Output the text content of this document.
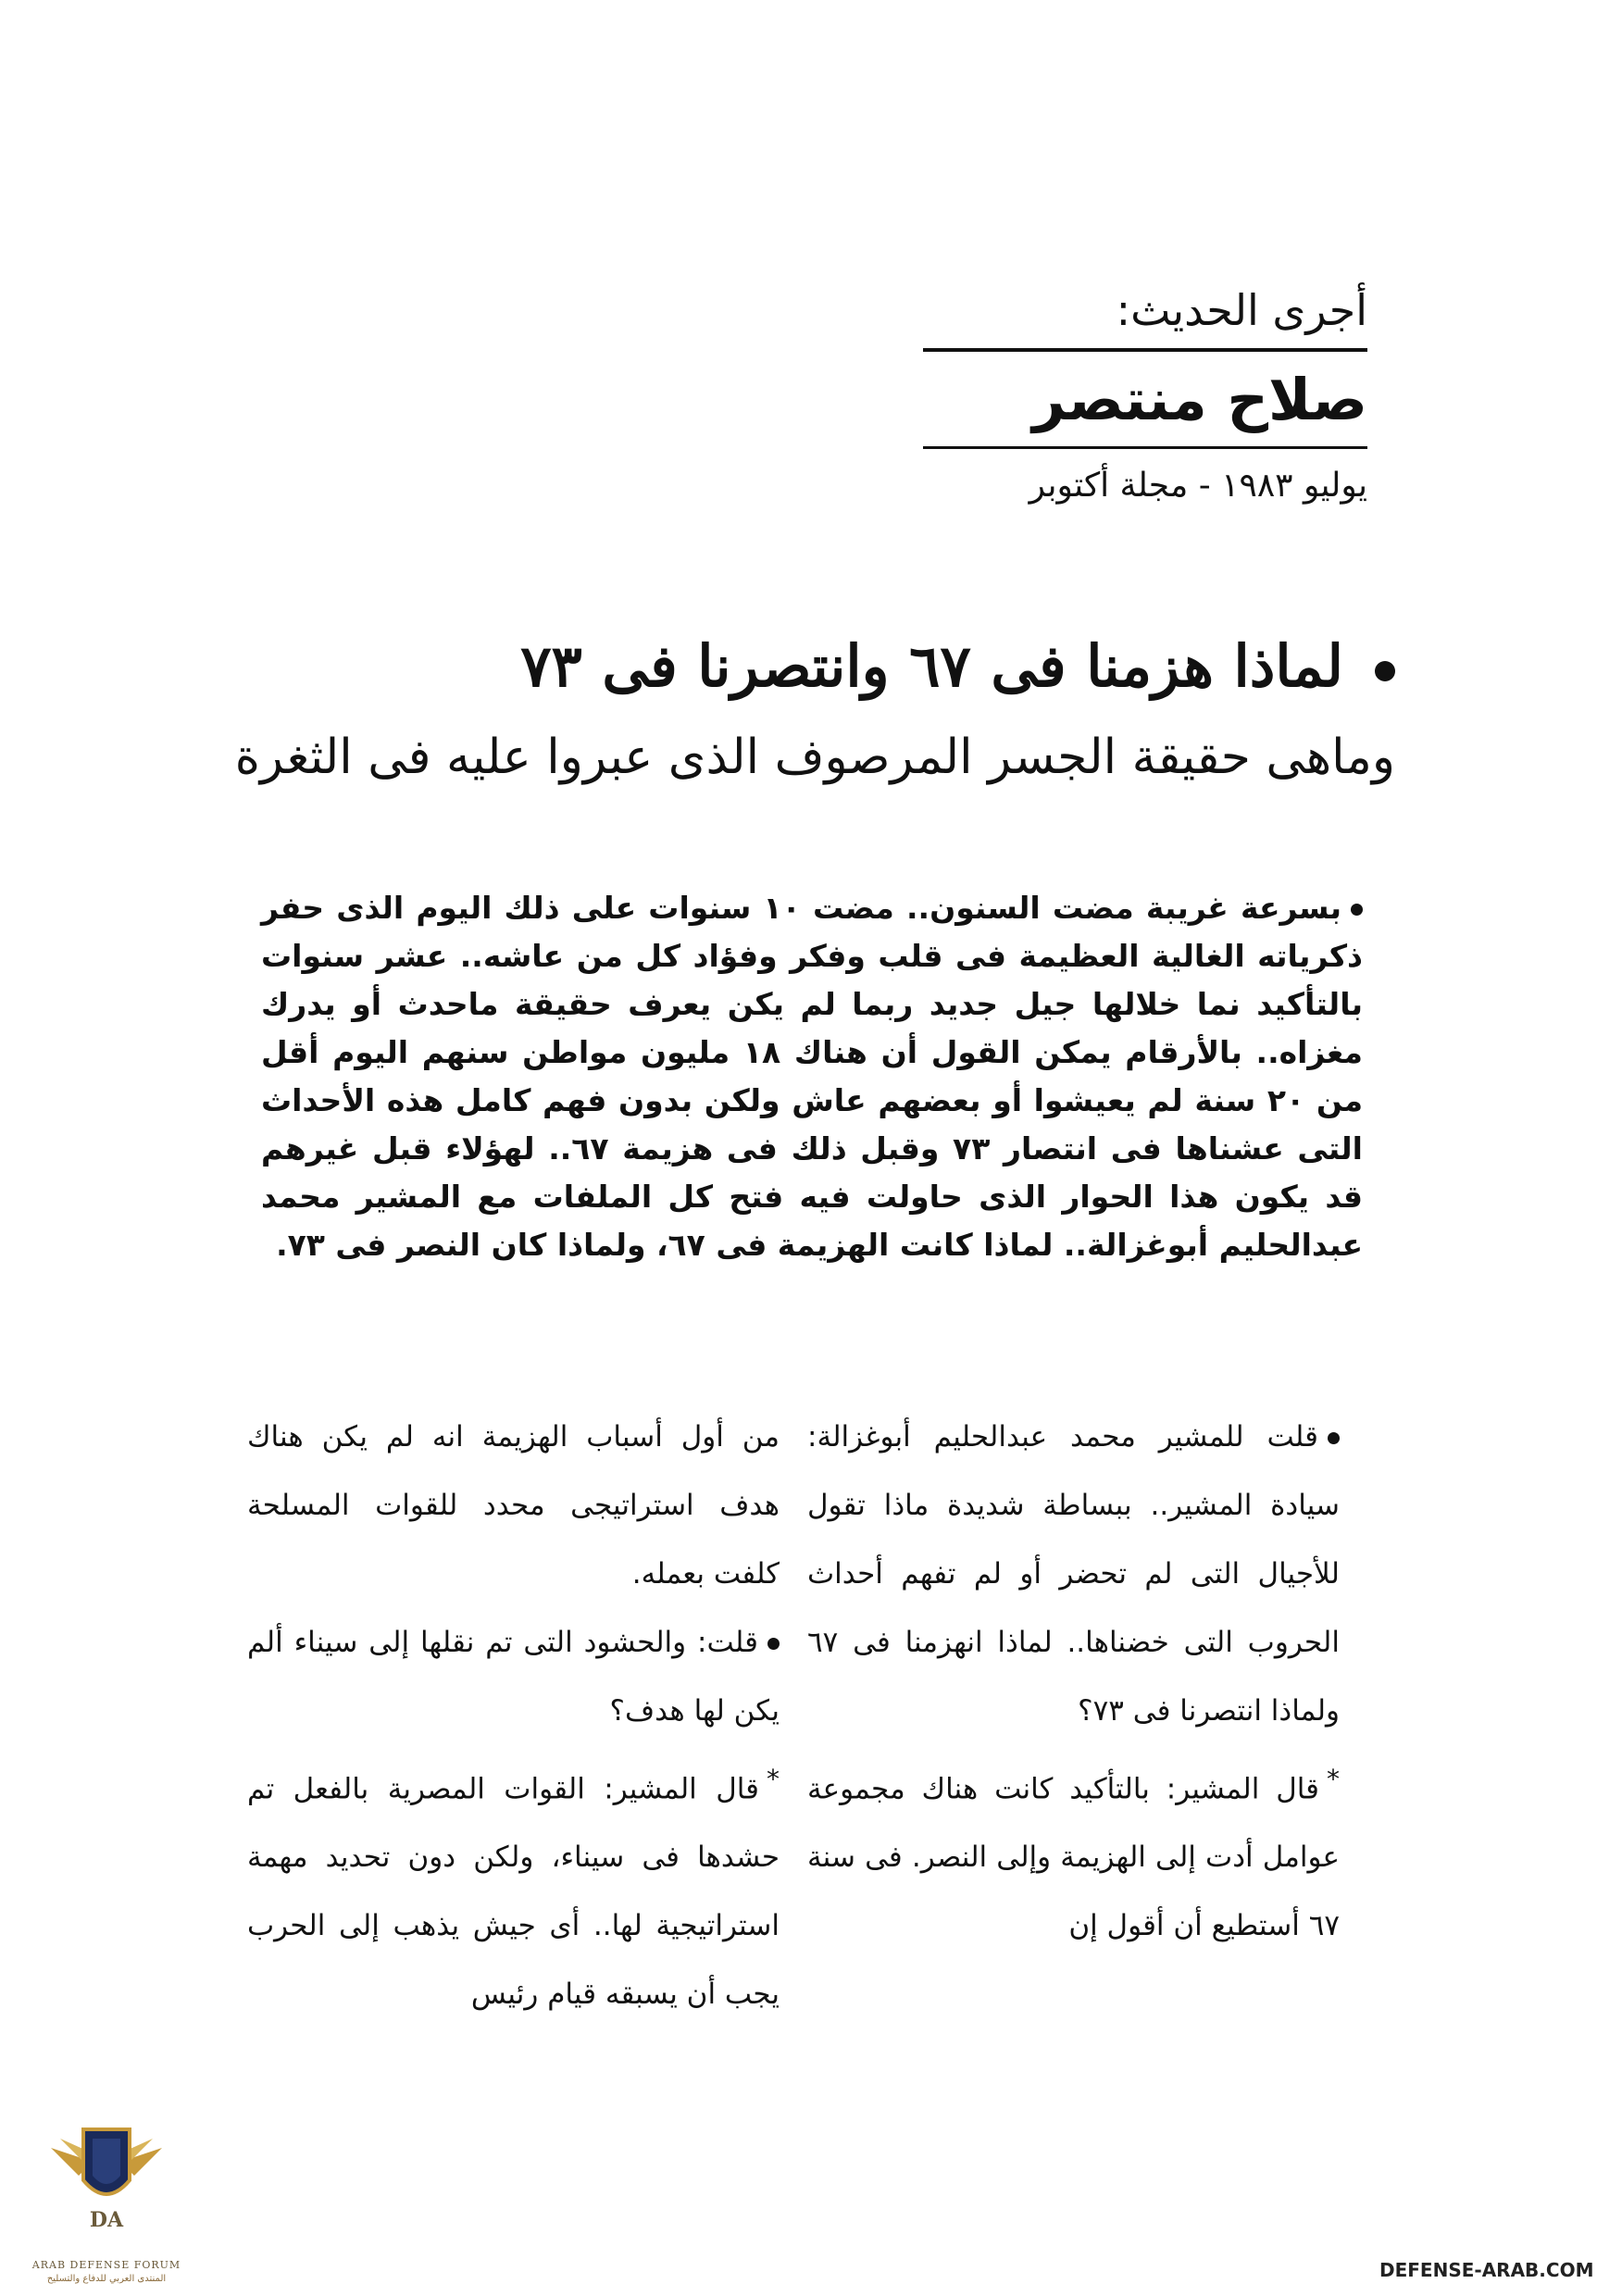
أجرى الحديث:
صلاح منتصر
يوليو ١٩٨٣ - مجلة أكتوبر
لماذا هزمنا فى ٦٧ وانتصرنا فى ٧٣
وماهى حقيقة الجسر المرصوف الذى عبروا عليه فى الثغرة
بسرعة غريبة مضت السنون.. مضت ١٠ سنوات على ذلك اليوم الذى حفر ذكرياته الغالية العظيمة فى قلب وفكر وفؤاد كل من عاشه.. عشر سنوات بالتأكيد نما خلالها جيل جديد ربما لم يكن يعرف حقيقة ماحدث أو يدرك مغزاه.. بالأرقام يمكن القول أن هناك ١٨ مليون مواطن سنهم اليوم أقل من ٢٠ سنة لم يعيشوا أو بعضهم عاش ولكن بدون فهم كامل هذه الأحداث التى عشناها فى انتصار ٧٣ وقبل ذلك فى هزيمة ٦٧.. لهؤلاء قبل غيرهم قد يكون هذا الحوار الذى حاولت فيه فتح كل الملفات مع المشير محمد عبدالحليم أبوغزالة.. لماذا كانت الهزيمة فى ٦٧، ولماذا كان النصر فى ٧٣.

قلت للمشير محمد عبدالحليم أبوغزالة: سيادة المشير.. ببساطة شديدة ماذا تقول للأجيال التى لم تحضر أو لم تفهم أحداث الحروب التى خضناها.. لماذا انهزمنا فى ٦٧ ولماذا انتصرنا فى ٧٣؟

*قال المشير: بالتأكيد كانت هناك مجموعة عوامل أدت إلى الهزيمة وإلى النصر. فى سنة ٦٧ أستطيع أن أقول إن

من أول أسباب الهزيمة انه لم يكن هناك هدف استراتيجى محدد للقوات المسلحة كلفت بعمله.

قلت: والحشود التى تم نقلها إلى سيناء ألم يكن لها هدف؟

*قال المشير: القوات المصرية بالفعل تم حشدها فى سيناء، ولكن دون تحديد مهمة استراتيجية لها.. أى جيش يذهب إلى الحرب يجب أن يسبقه قيام رئيس

DA
ARAB DEFENSE FORUM
المنتدى العربي للدفاع والتسليح	DEFENSE-ARAB.COM
